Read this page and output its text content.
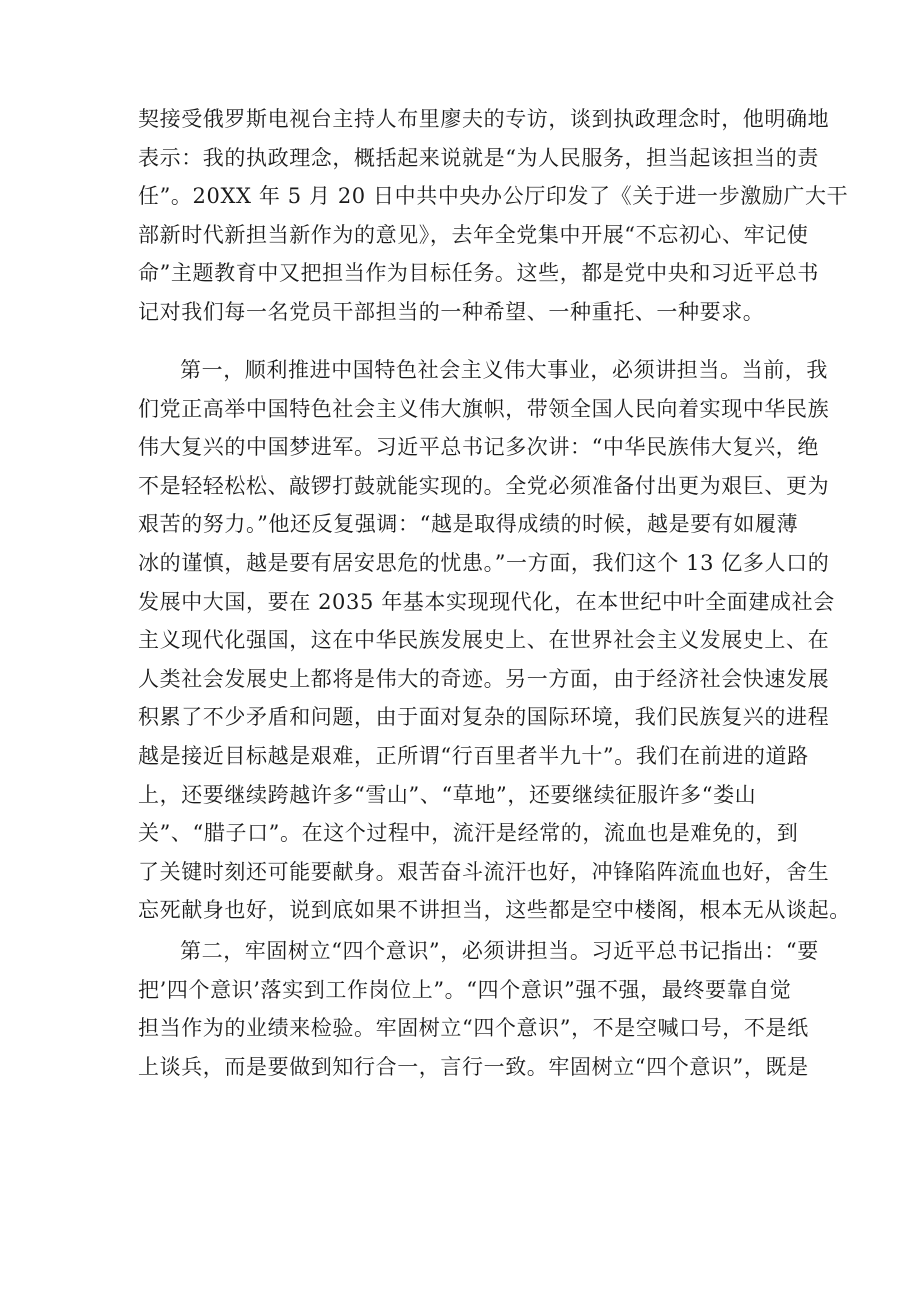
契接受俄罗斯电视台主持人布里廖夫的专访，谈到执政理念时，他明确地
表示：我的执政理念，概括起来说就是“为人民服务，担当起该担当的责
任”。20XX 年 5 月 20 日中共中央办公厅印发了《关于进一步激励广大干
部新时代新担当新作为的意见》，去年全党集中开展“不忘初心、牢记使
命”主题教育中又把担当作为目标任务。这些，都是党中央和习近平总书
记对我们每一名党员干部担当的一种希望、一种重托、一种要求。
第一，顺利推进中国特色社会主义伟大事业，必须讲担当。当前，我
们党正高举中国特色社会主义伟大旗帜，带领全国人民向着实现中华民族
伟大复兴的中国梦进军。习近平总书记多次讲：“中华民族伟大复兴，绝
不是轻轻松松、敲锣打鼓就能实现的。全党必须准备付出更为艰巨、更为
艰苦的努力。”他还反复强调：“越是取得成绩的时候，越是要有如履薄
冰的谨慎，越是要有居安思危的忧患。”一方面，我们这个 13 亿多人口的
发展中大国，要在 2035 年基本实现现代化，在本世纪中叶全面建成社会
主义现代化强国，这在中华民族发展史上、在世界社会主义发展史上、在
人类社会发展史上都将是伟大的奇迹。另一方面，由于经济社会快速发展
积累了不少矛盾和问题，由于面对复杂的国际环境，我们民族复兴的进程
越是接近目标越是艰难，正所谓“行百里者半九十”。我们在前进的道路
上，还要继续跨越许多“雪山”、“草地”，还要继续征服许多“娄山
关”、“腊子口”。在这个过程中，流汗是经常的，流血也是难免的，到
了关键时刻还可能要献身。艰苦奋斗流汗也好，冲锋陷阵流血也好，舍生
忘死献身也好，说到底如果不讲担当，这些都是空中楼阁，根本无从谈起。
第二，牢固树立“四个意识”，必须讲担当。习近平总书记指出：“要
把’四个意识’落实到工作岗位上”。“四个意识”强不强，最终要靠自觉
担当作为的业绩来检验。牢固树立“四个意识”，不是空喊口号，不是纸
上谈兵，而是要做到知行合一，言行一致。牢固树立“四个意识”，既是
